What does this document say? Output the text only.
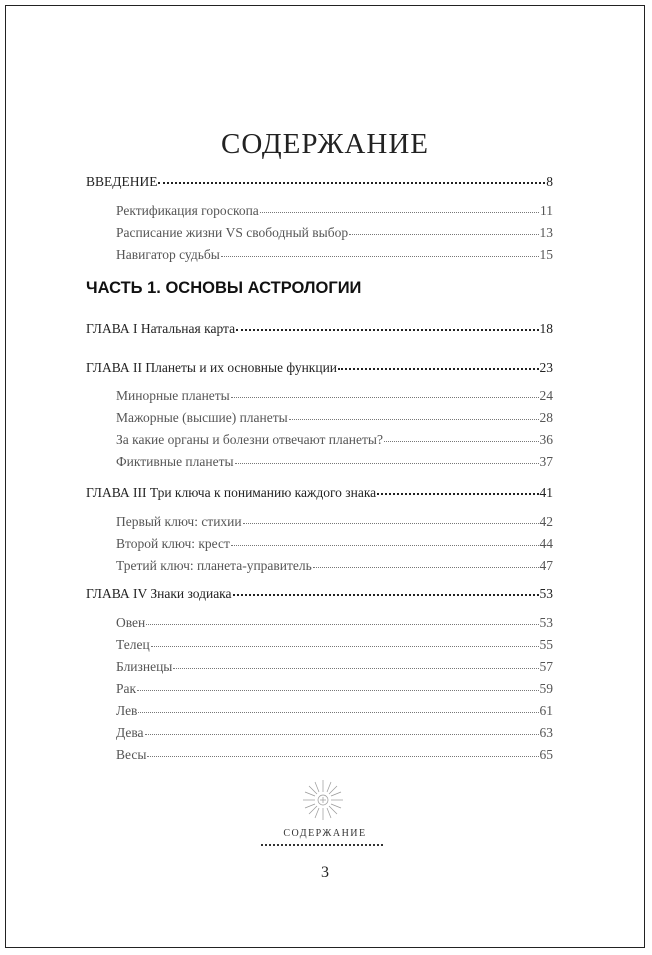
СОДЕРЖАНИЕ
ВВЕДЕНИЕ	8
Ректификация гороскопа	11
Расписание жизни VS свободный выбор	13
Навигатор судьбы	15
ЧАСТЬ 1. ОСНОВЫ АСТРОЛОГИИ
ГЛАВА I Натальная карта	18
ГЛАВА II Планеты и их основные функции	23
Минорные планеты	24
Мажорные (высшие) планеты	28
За какие органы и болезни отвечают планеты?	36
Фиктивные планеты	37
ГЛАВА III Три ключа к пониманию каждого знака	41
Первый ключ: стихии	42
Второй ключ: крест	44
Третий ключ: планета-управитель	47
ГЛАВА IV Знаки зодиака	53
Овен	53
Телец	55
Близнецы	57
Рак	59
Лев	61
Дева	63
Весы	65
СОДЕРЖАНИЕ
3
